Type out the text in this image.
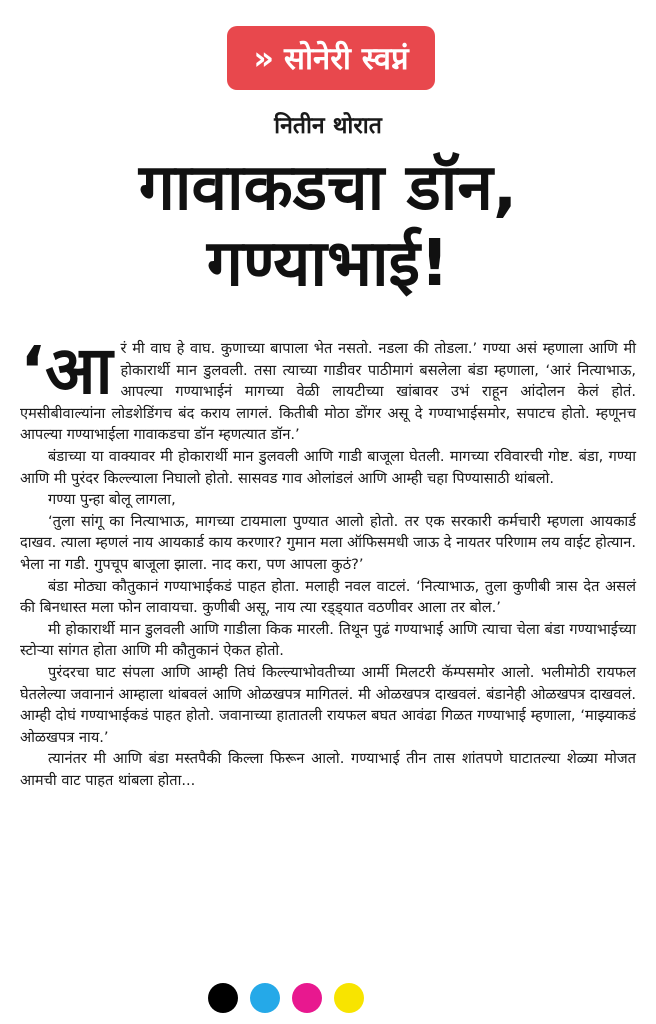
» सोनेरी स्वप्नं
नितीन थोरात
गावाकडचा डॉन,
गण्याभाई!

‘आ रं मी वाघ हे वाघ. कुणाच्या बापाला भेत नसतो. नडला की तोडला.’ गण्या असं म्हणाला आणि मी होकारार्थी मान डुलवली. तसा त्याच्या गाडीवर पाठीमागं बसलेला बंडा म्हणाला, ‘आरं नित्याभाऊ, आपल्या गण्याभाईनं मागच्या वेळी लायटीच्या खांबावर उभं राहून आंदोलन केलं होतं. एमसीबीवाल्यांना लोडशेडिंगच बंद कराय लागलं. कितीबी मोठा डोंगर असू दे गण्याभाईसमोर, सपाटच होतो. म्हणूनच आपल्या गण्याभाईला गावाकडचा डॉन म्हणत्यात डॉन.’

बंडाच्या या वाक्यावर मी होकारार्थी मान डुलवली आणि गाडी बाजूला घेतली. मागच्या रविवारची गोष्ट. बंडा, गण्या आणि मी पुरंदर किल्ल्याला निघालो होतो. सासवड गाव ओलांडलं आणि आम्ही चहा पिण्यासाठी थांबलो.

गण्या पुन्हा बोलू लागला,

‘तुला सांगू का नित्याभाऊ, मागच्या टायमाला पुण्यात आलो होतो. तर एक सरकारी कर्मचारी म्हणला आयकार्ड दाखव. त्याला म्हणलं नाय आयकार्ड काय करणार? गुमान मला ऑफिसमधी जाऊ दे नायतर परिणाम लय वाईट होत्यान. भेला ना गडी. गुपचूप बाजूला झाला. नाद करा, पण आपला कुठं?’

बंडा मोठ्या कौतुकानं गण्याभाईकडं पाहत होता. मलाही नवल वाटलं. ‘नित्याभाऊ, तुला कुणीबी त्रास देत असलं की बिनधास्त मला फोन लावायचा. कुणीबी असू, नाय त्या रड्ड्यात वठणीवर आला तर बोल.’

मी होकारार्थी मान डुलवली आणि गाडीला किक मारली. तिथून पुढं गण्याभाई आणि त्याचा चेला बंडा गण्याभाईच्या स्टोऱ्या सांगत होता आणि मी कौतुकानं ऐकत होतो.

पुरंदरचा घाट संपला आणि आम्ही तिघं किल्ल्याभोवतीच्या आर्मी मिलटरी कॅम्पसमोर आलो. भलीमोठी रायफल घेतलेल्या जवानानं आम्हाला थांबवलं आणि ओळखपत्र मागितलं. मी ओळखपत्र दाखवलं. बंडानेही ओळखपत्र दाखवलं. आम्ही दोघं गण्याभाईकडं पाहत होतो. जवानाच्या हातातली रायफल बघत आवंढा गिळत गण्याभाई म्हणाला, ‘माझ्याकडं ओळखपत्र नाय.’

त्यानंतर मी आणि बंडा मस्तपैकी किल्ला फिरून आलो. गण्याभाई तीन तास शांतपणे घाटातल्या शेळ्या मोजत आमची वाट पाहत थांबला होता...
